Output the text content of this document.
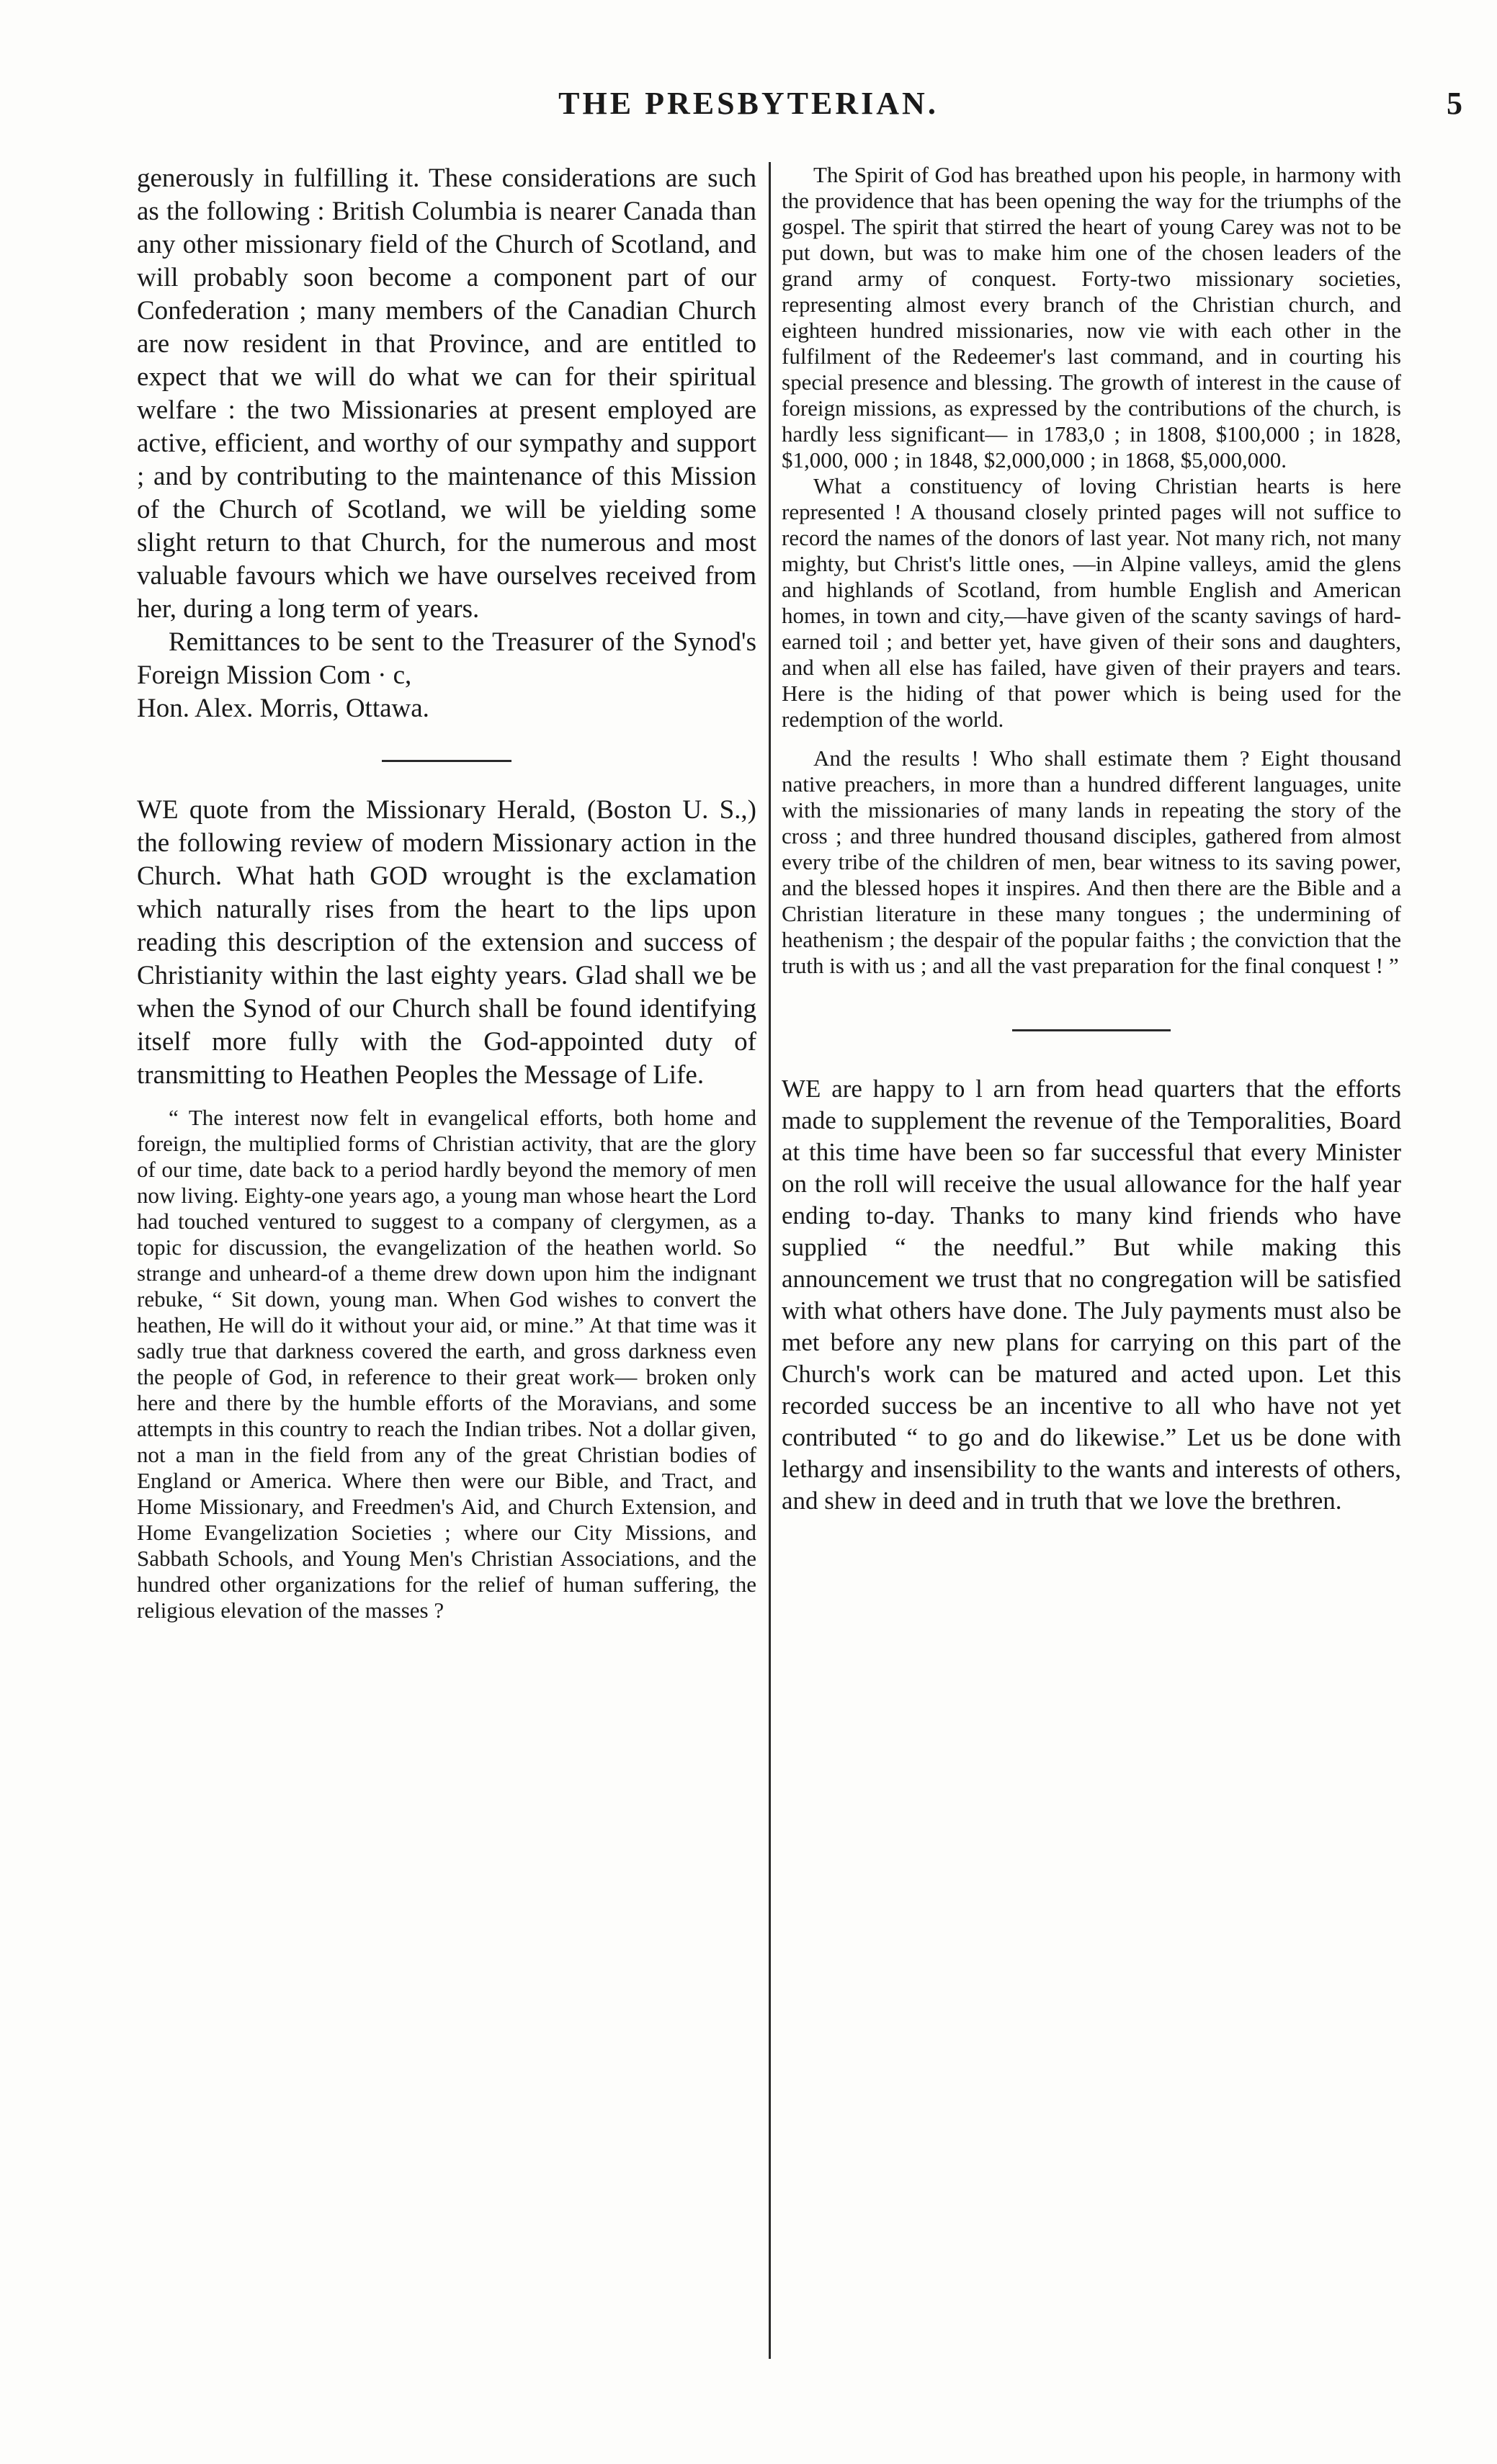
THE PRESBYTERIAN.	5

generously in fulfilling it. These considerations are such as the following : British Columbia is nearer Canada than any other missionary field of the Church of Scotland, and will probably soon become a component part of our Confederation ; many members of the Canadian Church are now resident in that Province, and are entitled to expect that we will do what we can for their spiritual welfare : the two Missionaries at present employed are active, efficient, and worthy of our sympathy and support ; and by contributing to the maintenance of this Mission of the Church of Scotland, we will be yielding some slight return to that Church, for the numerous and most valuable favours which we have ourselves received from her, during a long term of years.

Remittances to be sent to the Treasurer of the Synod's Foreign Mission Com · c,

Hon. Alex. Morris, Ottawa.

WE quote from the Missionary Herald, (Boston U. S.,) the following review of modern Missionary action in the Church. What hath GOD wrought is the exclamation which naturally rises from the heart to the lips upon reading this description of the extension and success of Christianity within the last eighty years. Glad shall we be when the Synod of our Church shall be found identifying itself more fully with the God-appointed duty of transmitting to Heathen Peoples the Message of Life.

“ The interest now felt in evangelical efforts, both home and foreign, the multiplied forms of Christian activity, that are the glory of our time, date back to a period hardly beyond the memory of men now living. Eighty-one years ago, a young man whose heart the Lord had touched ventured to suggest to a company of clergymen, as a topic for discussion, the evangelization of the heathen world. So strange and unheard-of a theme drew down upon him the indignant rebuke, “ Sit down, young man. When God wishes to convert the heathen, He will do it without your aid, or mine.” At that time was it sadly true that darkness covered the earth, and gross darkness even the people of God, in reference to their great work— broken only here and there by the humble efforts of the Moravians, and some attempts in this country to reach the Indian tribes. Not a dollar given, not a man in the field from any of the great Christian bodies of England or America. Where then were our Bible, and Tract, and Home Missionary, and Freedmen's Aid, and Church Extension, and Home Evangelization Societies ; where our City Missions, and Sabbath Schools, and Young Men's Christian Associations, and the hundred other organizations for the relief of human suffering, the religious elevation of the masses ?

The Spirit of God has breathed upon his people, in harmony with the providence that has been opening the way for the triumphs of the gospel. The spirit that stirred the heart of young Carey was not to be put down, but was to make him one of the chosen leaders of the grand army of conquest. Forty-two missionary societies, representing almost every branch of the Christian church, and eighteen hundred missionaries, now vie with each other in the fulfilment of the Redeemer's last command, and in courting his special presence and blessing. The growth of interest in the cause of foreign missions, as expressed by the contributions of the church, is hardly less significant— in 1783,0 ; in 1808, $100,000 ; in 1828, $1,000, 000 ; in 1848, $2,000,000 ; in 1868, $5,000,000.

What a constituency of loving Christian hearts is here represented ! A thousand closely printed pages will not suffice to record the names of the donors of last year. Not many rich, not many mighty, but Christ's little ones, —in Alpine valleys, amid the glens and highlands of Scotland, from humble English and American homes, in town and city,—have given of the scanty savings of hard-earned toil ; and better yet, have given of their sons and daughters, and when all else has failed, have given of their prayers and tears. Here is the hiding of that power which is being used for the redemption of the world.

And the results ! Who shall estimate them ? Eight thousand native preachers, in more than a hundred different languages, unite with the missionaries of many lands in repeating the story of the cross ; and three hundred thousand disciples, gathered from almost every tribe of the children of men, bear witness to its saving power, and the blessed hopes it inspires. And then there are the Bible and a Christian literature in these many tongues ; the undermining of heathenism ; the despair of the popular faiths ; the conviction that the truth is with us ; and all the vast preparation for the final conquest ! ”

WE are happy to l arn from head quarters that the efforts made to supplement the revenue of the Temporalities, Board at this time have been so far successful that every Minister on the roll will receive the usual allowance for the half year ending to-day. Thanks to many kind friends who have supplied “ the needful.” But while making this announcement we trust that no congregation will be satisfied with what others have done. The July payments must also be met before any new plans for carrying on this part of the Church's work can be matured and acted upon. Let this recorded success be an incentive to all who have not yet contributed “ to go and do likewise.” Let us be done with lethargy and insensibility to the wants and interests of others, and shew in deed and in truth that we love the brethren.
